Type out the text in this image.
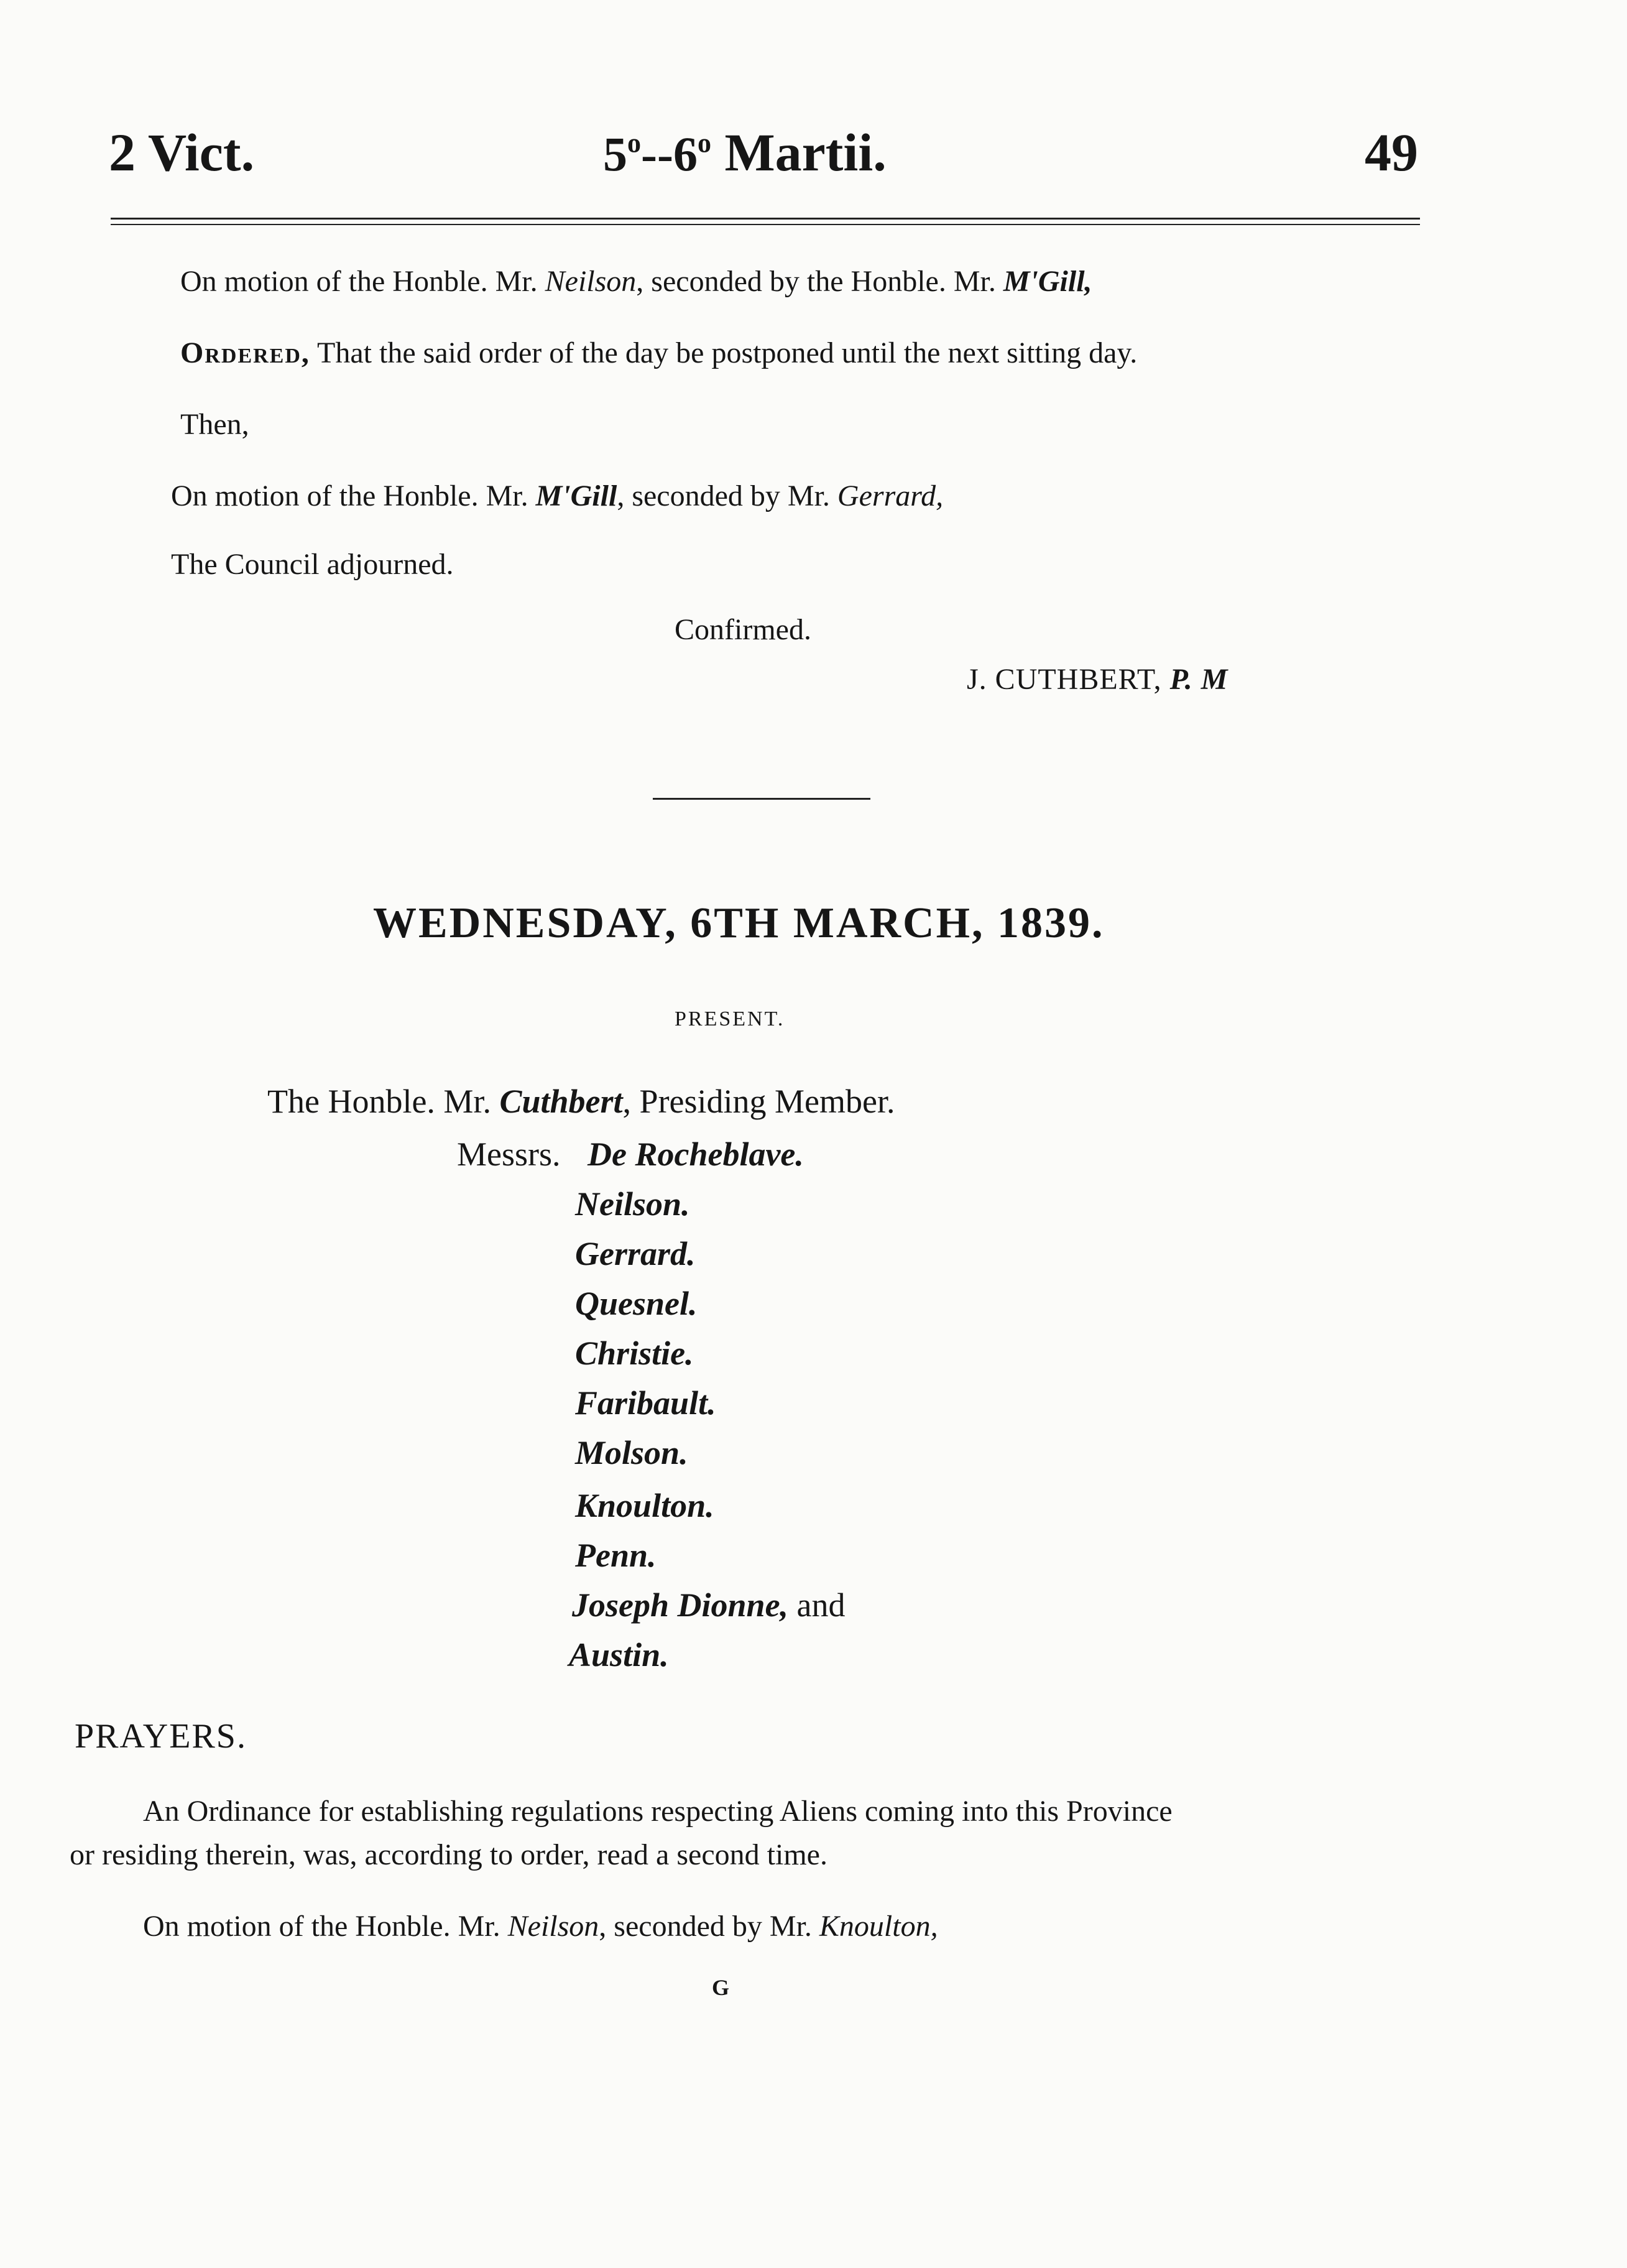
2 Vict.	5$^o$--6$^o$ Martii.	49
On motion of the Honble. Mr. Neilson, seconded by the Honble. Mr. M'Gill,
Ordered, That the said order of the day be postponed until the next sitting day.
Then,
On motion of the Honble. Mr. M'Gill, seconded by Mr. Gerrard,
The Council adjourned.
Confirmed.
J. CUTHBERT, P. M
WEDNESDAY, 6TH MARCH, 1839.
PRESENT.
The Honble. Mr. Cuthbert, Presiding Member.
Messrs. De Rocheblave.
Neilson.
Gerrard.
Quesnel.
Christie.
Faribault.
Molson.
Knoulton.
Penn.
Joseph Dionne, and
Austin.
PRAYERS.
An Ordinance for establishing regulations respecting Aliens coming into this Province
or residing therein, was, according to order, read a second time.
On motion of the Honble. Mr. Neilson, seconded by Mr. Knoulton,
G
